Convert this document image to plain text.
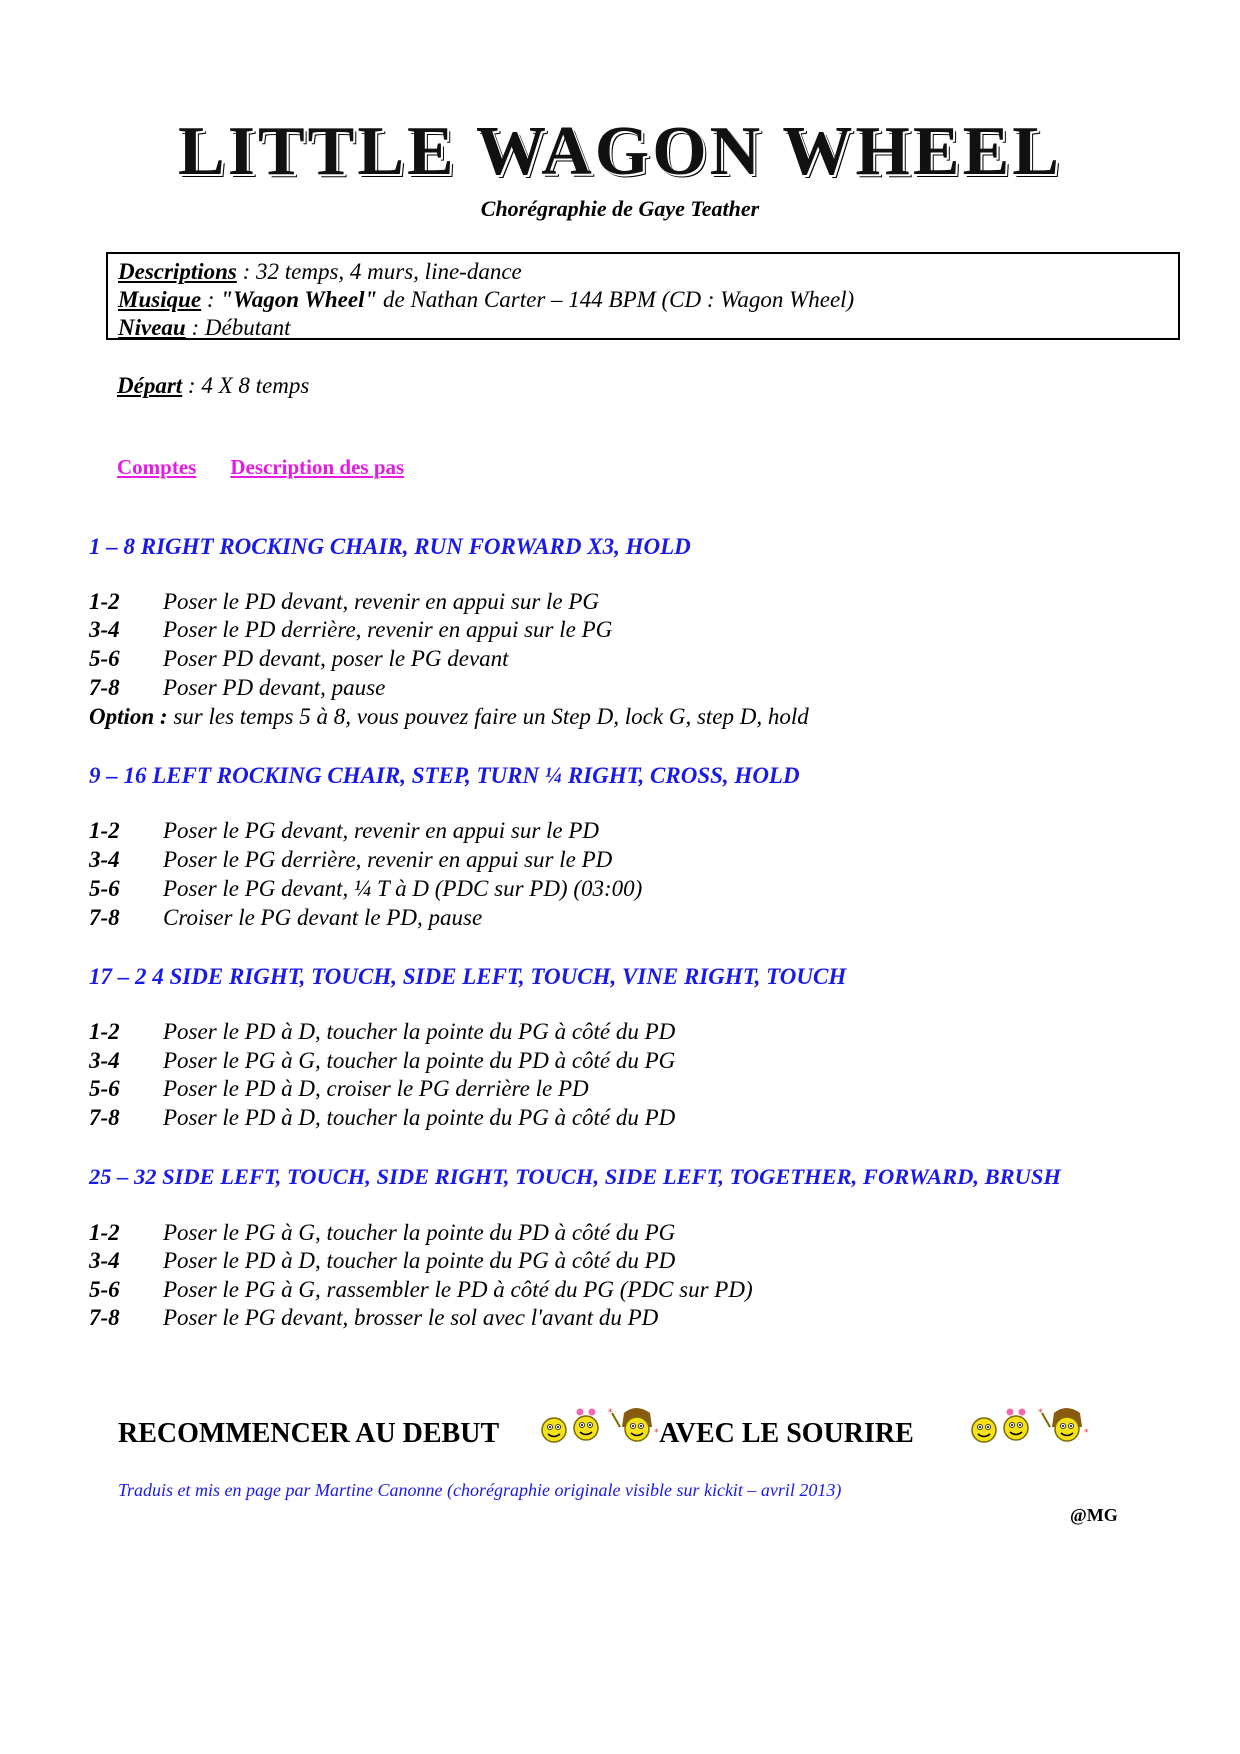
LITTLE WAGON WHEEL
Chorégraphie de Gaye Teather
Descriptions : 32 temps, 4 murs, line-dance
Musique : "Wagon Wheel" de Nathan Carter – 144 BPM (CD : Wagon Wheel)
Niveau : Débutant
Départ : 4 X 8 temps
Comptes Description des pas
1 – 8 RIGHT ROCKING CHAIR, RUN FORWARD X3, HOLD
1-2 Poser le PD devant, revenir en appui sur le PG
3-4 Poser le PD derrière, revenir en appui sur le PG
5-6 Poser PD devant, poser le PG devant
7-8 Poser PD devant, pause
Option : sur les temps 5 à 8, vous pouvez faire un Step D, lock G, step D, hold
9 – 16 LEFT ROCKING CHAIR, STEP, TURN ¼ RIGHT, CROSS, HOLD
1-2 Poser le PG devant, revenir en appui sur le PD
3-4 Poser le PG derrière, revenir en appui sur le PD
5-6 Poser le PG devant, ¼ T à D (PDC sur PD) (03:00)
7-8 Croiser le PG devant le PD, pause
17 – 2 4 SIDE RIGHT, TOUCH, SIDE LEFT, TOUCH, VINE RIGHT, TOUCH
1-2 Poser le PD à D, toucher la pointe du PG à côté du PD
3-4 Poser le PG à G, toucher la pointe du PD à côté du PG
5-6 Poser le PD à D, croiser le PG derrière le PD
7-8 Poser le PD à D, toucher la pointe du PG à côté du PD
25 – 32 SIDE LEFT, TOUCH, SIDE RIGHT, TOUCH, SIDE LEFT, TOGETHER, FORWARD, BRUSH
1-2 Poser le PG à G, toucher la pointe du PD à côté du PG
3-4 Poser le PD à D, toucher la pointe du PG à côté du PD
5-6 Poser le PG à G, rassembler le PD à côté du PG (PDC sur PD)
7-8 Poser le PG devant, brosser le sol avec l'avant du PD
RECOMMENCER AU DEBUT	AVEC LE SOURIRE
*
*
*
*
Traduis et mis en page par Martine Canonne (chorégraphie originale visible sur kickit – avril 2013)
@MG
